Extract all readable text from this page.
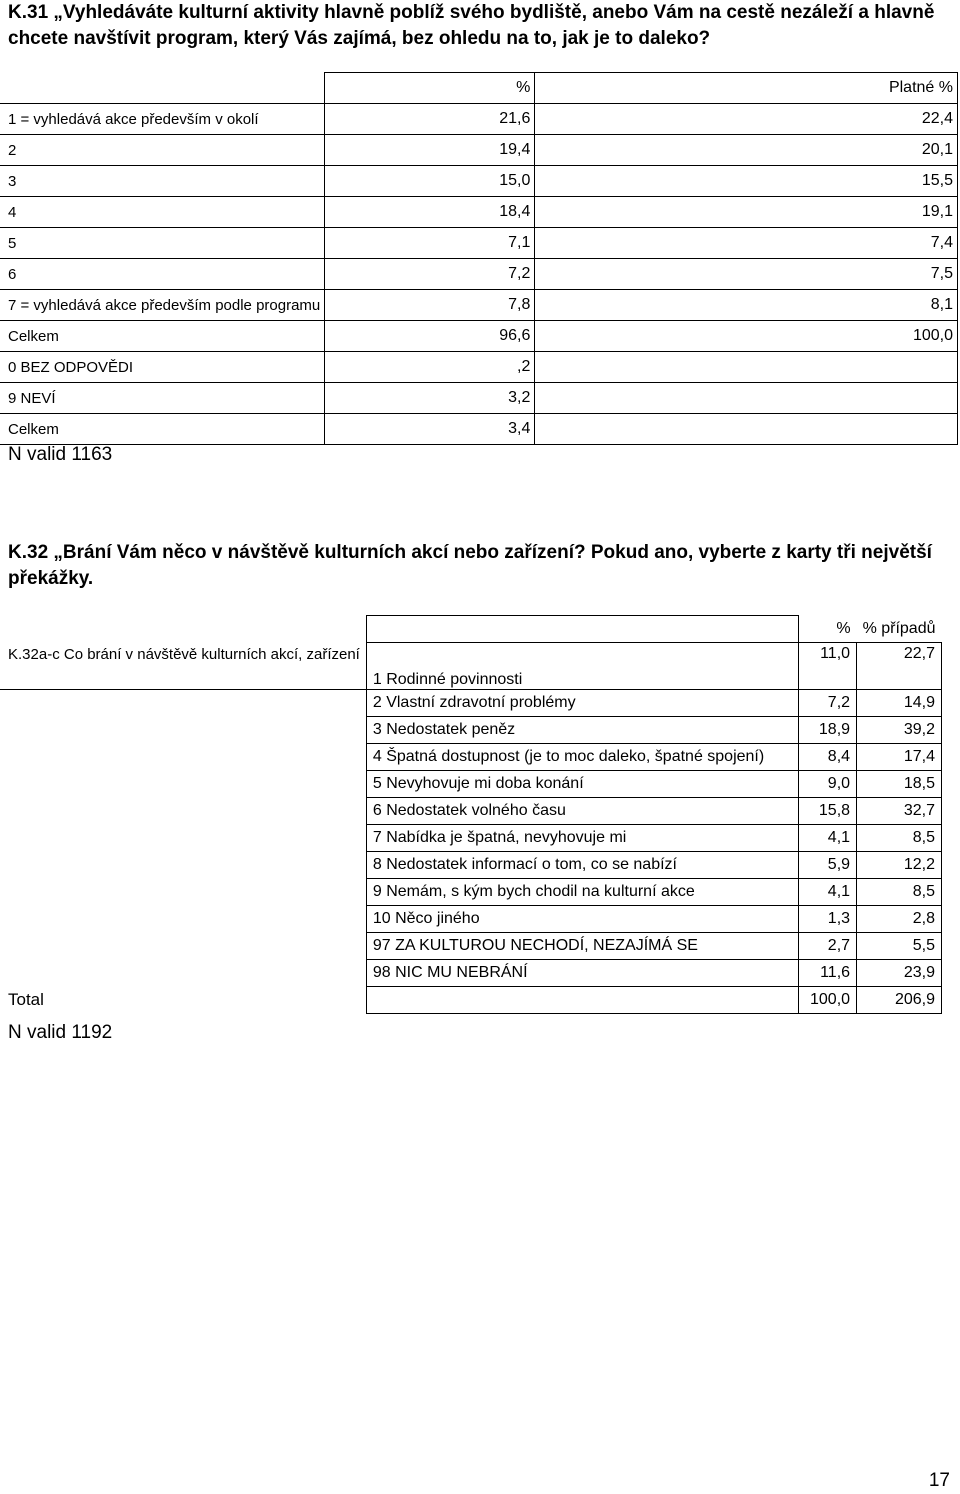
K.31 „Vyhledáváte kulturní aktivity hlavně poblíž svého bydliště, anebo Vám na cestě nezáleží a hlavně chcete navštívit program, který Vás zajímá, bez ohledu na to, jak je to daleko?
	%	Platné %
1 = vyhledává akce především v okolí	21,6	22,4
2	19,4	20,1
3	15,0	15,5
4	18,4	19,1
5	7,1	7,4
6	7,2	7,5
7 = vyhledává akce především podle programu	7,8	8,1
Celkem	96,6	100,0
0 BEZ ODPOVĚDI	,2	
9 NEVÍ	3,2	
Celkem	3,4	
N valid 1163
K.32 „Brání Vám něco v návštěvě kulturních akcí nebo zařízení? Pokud ano, vyberte z karty tři největší překážky.
		%	% případů
K.32a-c Co brání v návštěvě kulturních akcí, zařízení	1 Rodinné povinnosti	11,0	22,7
	2 Vlastní zdravotní problémy	7,2	14,9
	3 Nedostatek peněz	18,9	39,2
	4 Špatná dostupnost (je to moc daleko, špatné spojení)	8,4	17,4
	5 Nevyhovuje mi doba konání	9,0	18,5
	6 Nedostatek volného času	15,8	32,7
	7 Nabídka je špatná, nevyhovuje mi	4,1	8,5
	8 Nedostatek informací o tom, co se nabízí	5,9	12,2
	9 Nemám, s kým bych chodil na kulturní akce	4,1	8,5
	10 Něco jiného	1,3	2,8
	97 ZA KULTUROU NECHODÍ, NEZAJÍMÁ SE	2,7	5,5
	98 NIC MU NEBRÁNÍ	11,6	23,9
Total		100,0	206,9
N valid 1192
17
